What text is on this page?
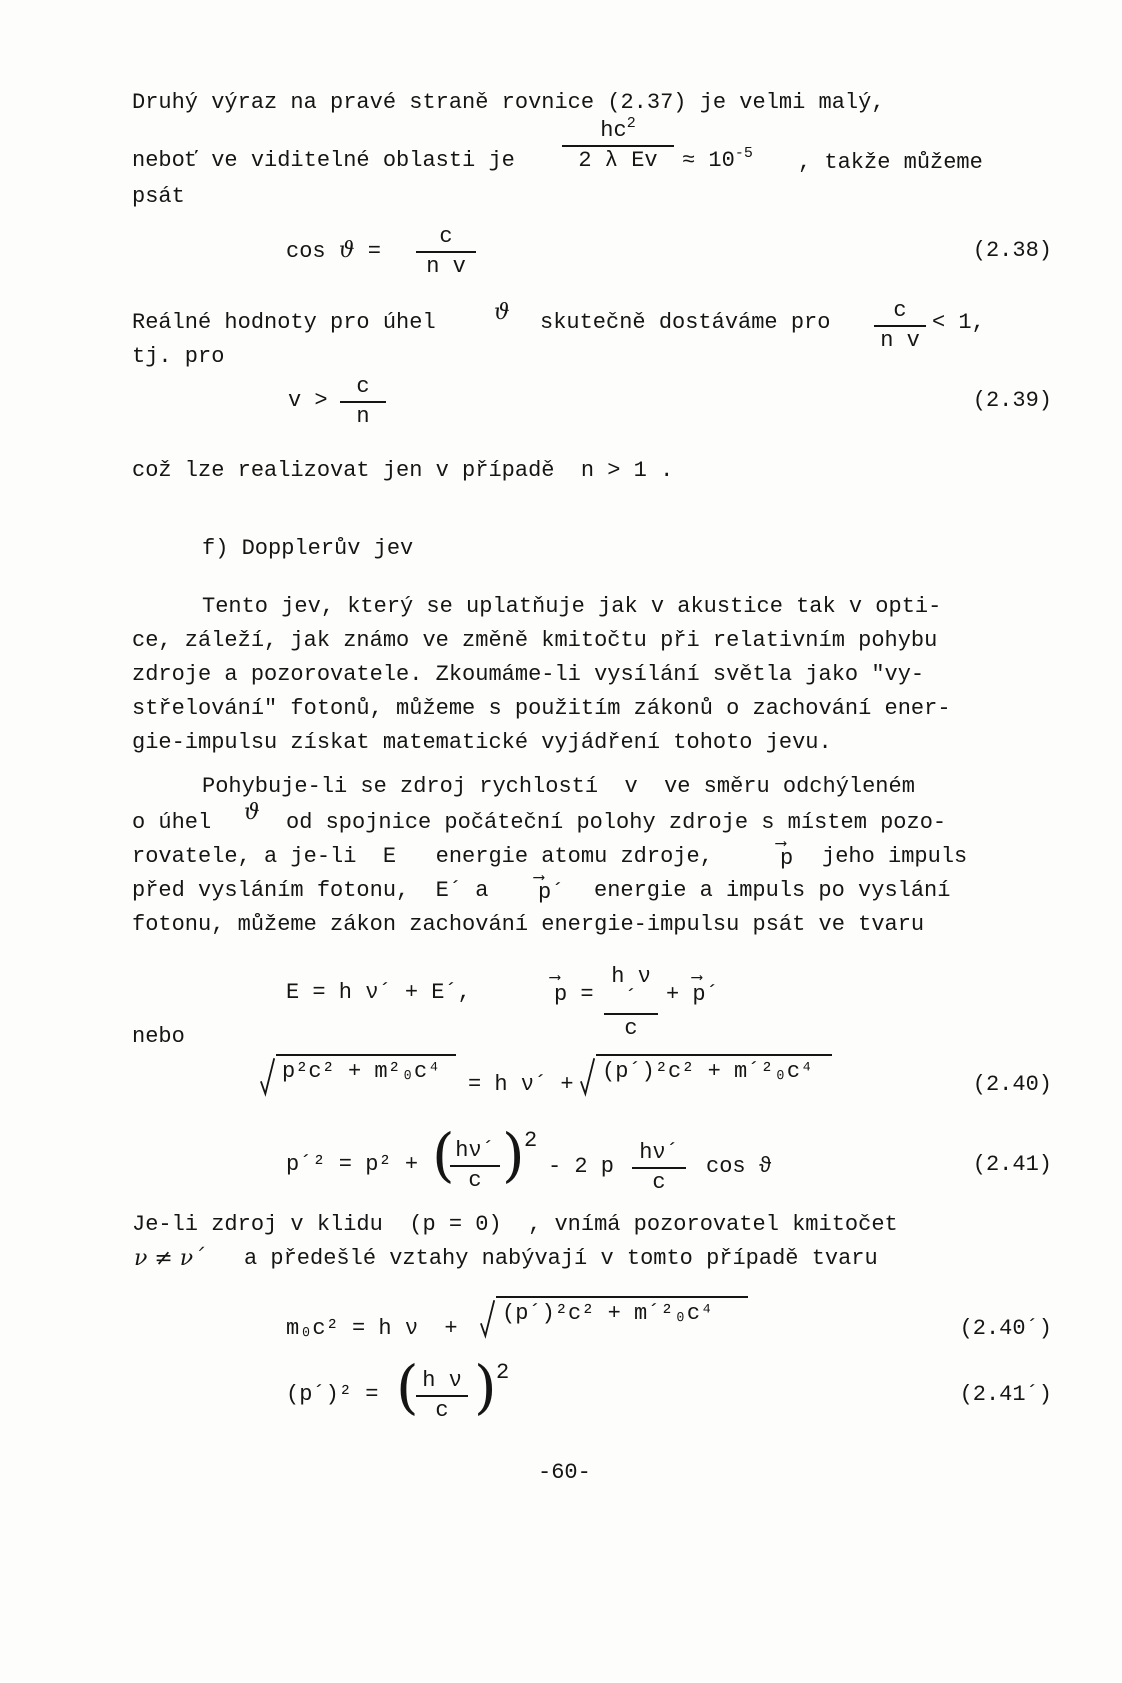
Druhý výraz na pravé straně rovnice (2.37) je velmi malý,
neboť ve viditelné oblasti je $\frac{hc^2}{\text{2 λ Ev}} \approx 10^{-5}$ , takže můžeme
psát
$\cos ϑ = \frac{c}{\text{n v}}$	(2.38)
Reálné hodnoty pro úhel	ϑ skutečně dostáváme pro $\frac{c}{\text{n v}} < 1$,
tj. pro
$v > \frac{c}{n}$	(2.39)
což lze realizovat jen v případě  n > 1 .
f) Dopplerův jev
Tento jev, který se uplatňuje jak v akustice tak v opti-
ce, záleží, jak známo ve změně kmitočtu při relativním pohybu
zdroje a pozorovatele. Zkoumáme-li vysílání světla jako "vy-
střelování" fotonů, můžeme s použitím zákonů o zachování ener-
gie-impulsu získat matematické vyjádření tohoto jevu.
Pohybuje-li se zdroj rychlostí  v  ve směru odchýleném
o úhel ϑ od spojnice počáteční polohy zdroje s místem pozo-
rovatele, a je-li  E   energie atomu zdroje,	⟶
p jeho impuls
před vysláním fotonu,  E´ a	⟶
p´ energie a impuls po vyslání
fotonu, můžeme zákon zachování energie-impulsu psát ve tvaru
E = h ν´ + E´,
⟶
$p = \frac{\text{h ν´}}{c}$ ⟶
+ p´
nebo
p²c² + m²₀c⁴
= h ν´ +
(p´)²c² + m´²₀c⁴
(2.40)
p´² = p² + (
$\frac{h\nu´}{c}$ ) 2
- 2 p $\frac{h\nu´}{c}$ cos ϑ	(2.41)
Je-li zdroj v klidu  (p = 0)  , vnímá pozorovatel kmitočet
ν ≠ ν´ a předešlé vztahy nabývají v tomto případě tvaru
m₀c² = h ν  +
(p´)²c² + m´²₀c⁴
(2.40´)
(p´)² = (
$\frac{\text{h ν}}{c}$ ) 2
(2.41´)
-60-
